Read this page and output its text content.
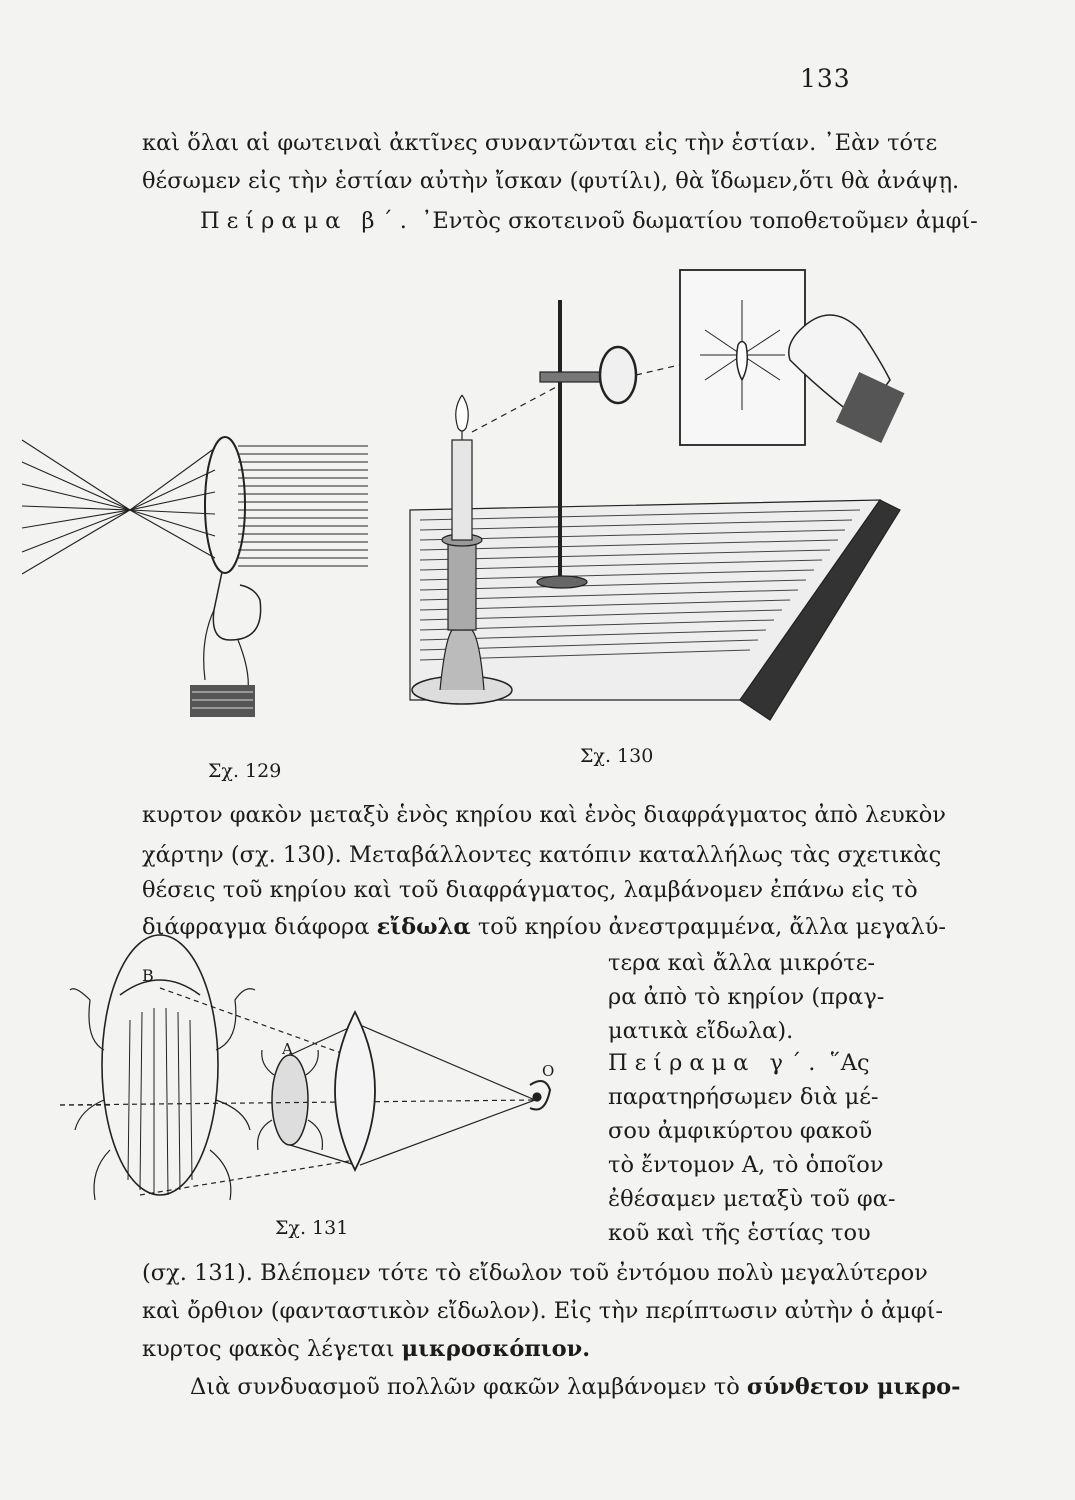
133
καὶ ὅλαι αἱ φωτειναὶ ἀκτῖνες συναντῶνται εἰς τὴν ἑστίαν. ᾿Εὰν τότε
θέσωμεν εἰς τὴν ἑστίαν αὐτὴν ἴσκαν (φυτίλι), θὰ ἴδωμεν,ὅτι θὰ ἀνάψῃ.
Πείραμα β΄. ᾿Εντὸς σκοτεινοῦ δωματίου τοποθετοῦμεν ἀμφί-
Σχ. 129
Σχ. 130
κυρτον φακὸν μεταξὺ ἑνὸς κηρίου καὶ ἑνὸς διαφράγματος ἀπὸ λευκὸν
χάρτην (σχ. 130). Μεταβάλλοντες κατόπιν καταλλήλως τὰς σχετικὰς
θέσεις τοῦ κηρίου καὶ τοῦ διαφράγματος, λαμβάνομεν ἐπάνω εἰς τὸ
διάφραγμα διάφορα εἴδωλα τοῦ κηρίου ἀνεστραμμένα, ἄλλα μεγαλύ-
τερα καὶ ἄλλα μικρότε-
ρα ἀπὸ τὸ κηρίον (πραγ-
ματικὰ εἴδωλα).
Β
Α
Ο
Σχ. 131
Πείραμα γ΄. ῞Ας
παρατηρήσωμεν διὰ μέ-
σου ἀμφικύρτου φακοῦ
τὸ ἔντομον Α, τὸ ὁποῖον
ἐθέσαμεν μεταξὺ τοῦ φα-
κοῦ καὶ τῆς ἑστίας του
(σχ. 131). Βλέπομεν τότε τὸ εἴδωλον τοῦ ἐντόμου πολὺ μεγαλύτερον
καὶ ὄρθιον (φανταστικὸν εἴδωλον). Εἰς τὴν περίπτωσιν αὐτὴν ὁ ἀμφί-
κυρτος φακὸς λέγεται μικροσκόπιον.
Διὰ συνδυασμοῦ πολλῶν φακῶν λαμβάνομεν τὸ σύνθετον μικρο-
